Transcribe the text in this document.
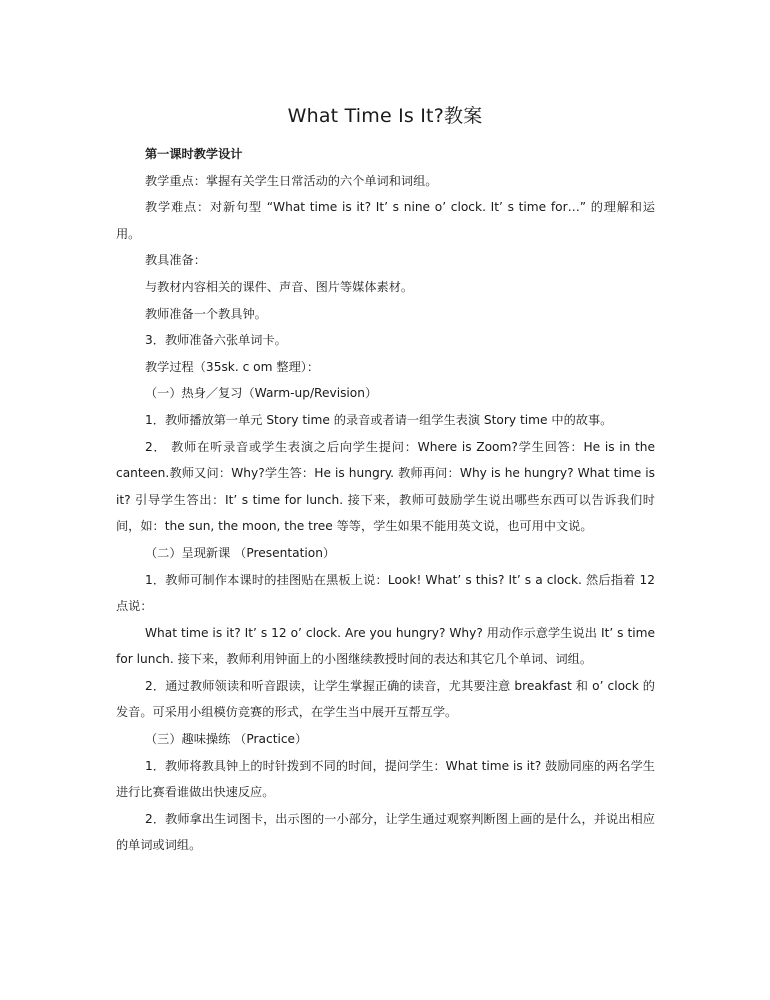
What Time Is It?教案

第一课时教学设计

教学重点：掌握有关学生日常活动的六个单词和词组。

教学难点：对新句型 “What time is it? It’ s nine o’ clock. It’ s time for…” 的理解和运用。

教具准备：

与教材内容相关的课件、声音、图片等媒体素材。

教师准备一个教具钟。

3．教师准备六张单词卡。

教学过程（35sk. c om 整理）：

（一）热身／复习（Warm-up/Revision）

1．教师播放第一单元 Story time 的录音或者请一组学生表演 Story time 中的故事。

2． 教师在听录音或学生表演之后向学生提问：Where is Zoom?学生回答：He is in the canteen.教师又问：Why?学生答：He is hungry. 教师再问：Why is he hungry? What time is it? 引导学生答出：It’ s time for lunch. 接下来，教师可鼓励学生说出哪些东西可以告诉我们时间，如：the sun, the moon, the tree 等等，学生如果不能用英文说，也可用中文说。

（二）呈现新课 （Presentation）

1．教师可制作本课时的挂图贴在黑板上说：Look! What’ s this? It’ s a clock. 然后指着 12 点说：

What time is it? It’ s 12 o’ clock. Are you hungry? Why? 用动作示意学生说出 It’ s time for lunch. 接下来，教师利用钟面上的小图继续教授时间的表达和其它几个单词、词组。

2．通过教师领读和听音跟读，让学生掌握正确的读音，尤其要注意 breakfast 和 o’ clock 的发音。可采用小组模仿竞赛的形式，在学生当中展开互帮互学。

（三）趣味操练 （Practice）

1．教师将教具钟上的时针拨到不同的时间，提问学生：What time is it? 鼓励同座的两名学生进行比赛看谁做出快速反应。

2．教师拿出生词图卡，出示图的一小部分，让学生通过观察判断图上画的是什么，并说出相应的单词或词组。
